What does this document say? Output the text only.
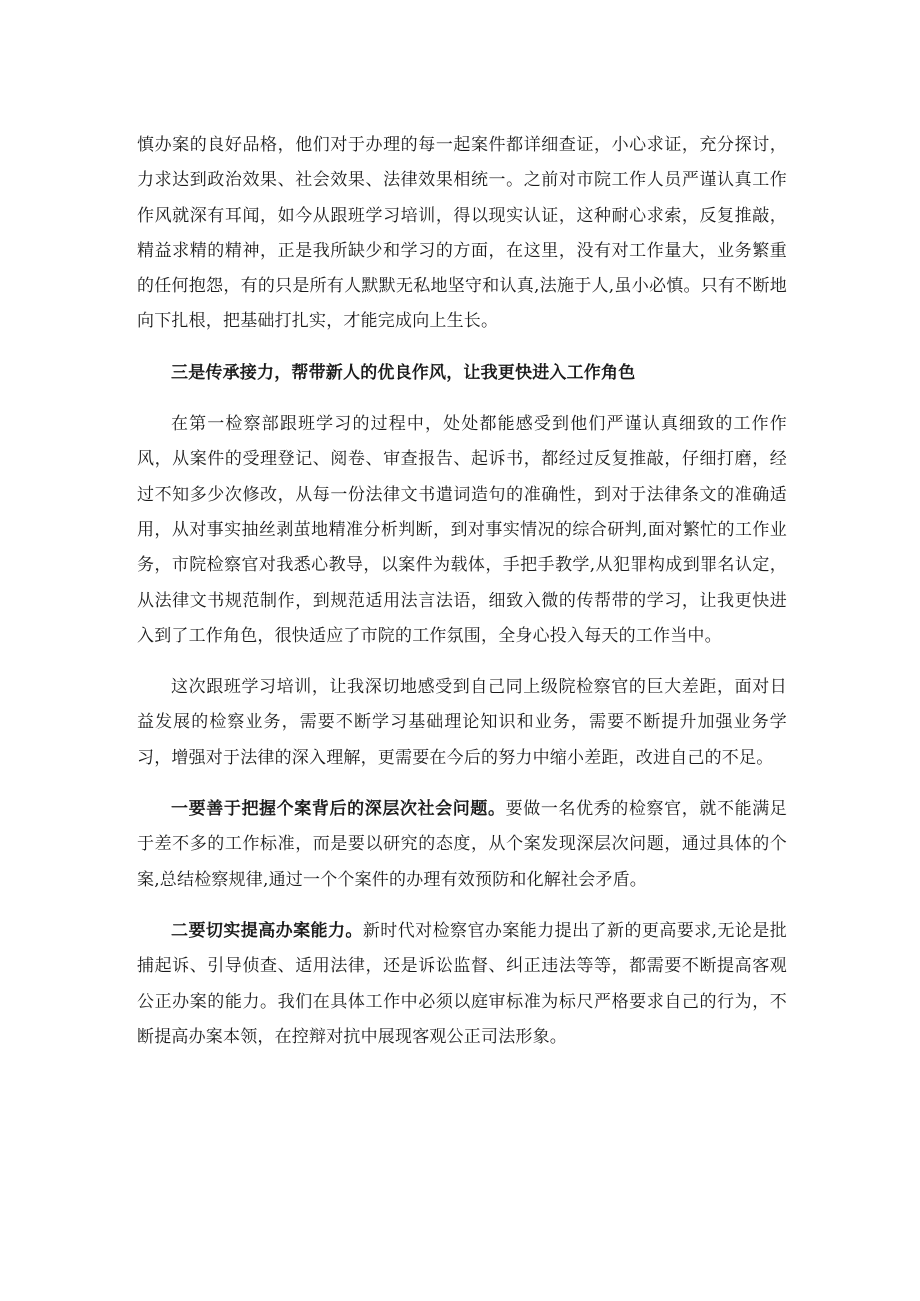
慎办案的良好品格，他们对于办理的每一起案件都详细查证，小心求证，充分探讨，力求达到政治效果、社会效果、法律效果相统一。之前对市院工作人员严谨认真工作作风就深有耳闻，如今从跟班学习培训，得以现实认证，这种耐心求索，反复推敲，精益求精的精神，正是我所缺少和学习的方面，在这里，没有对工作量大，业务繁重的任何抱怨，有的只是所有人默默无私地坚守和认真,法施于人,虽小必慎。只有不断地向下扎根，把基础打扎实，才能完成向上生长。

三是传承接力，帮带新人的优良作风，让我更快进入工作角色

在第一检察部跟班学习的过程中，处处都能感受到他们严谨认真细致的工作作风，从案件的受理登记、阅卷、审查报告、起诉书，都经过反复推敲，仔细打磨，经过不知多少次修改，从每一份法律文书遣词造句的准确性，到对于法律条文的准确适用，从对事实抽丝剥茧地精准分析判断，到对事实情况的综合研判,面对繁忙的工作业务，市院检察官对我悉心教导，以案件为载体，手把手教学,从犯罪构成到罪名认定，从法律文书规范制作，到规范适用法言法语，细致入微的传帮带的学习，让我更快进入到了工作角色，很快适应了市院的工作氛围，全身心投入每天的工作当中。

这次跟班学习培训，让我深切地感受到自己同上级院检察官的巨大差距，面对日益发展的检察业务，需要不断学习基础理论知识和业务，需要不断提升加强业务学习，增强对于法律的深入理解，更需要在今后的努力中缩小差距，改进自己的不足。

一要善于把握个案背后的深层次社会问题。要做一名优秀的检察官，就不能满足于差不多的工作标准，而是要以研究的态度，从个案发现深层次问题，通过具体的个案,总结检察规律,通过一个个案件的办理有效预防和化解社会矛盾。

二要切实提高办案能力。新时代对检察官办案能力提出了新的更高要求,无论是批捕起诉、引导侦查、适用法律，还是诉讼监督、纠正违法等等，都需要不断提高客观公正办案的能力。我们在具体工作中必须以庭审标准为标尺严格要求自己的行为，不断提高办案本领，在控辩对抗中展现客观公正司法形象。
